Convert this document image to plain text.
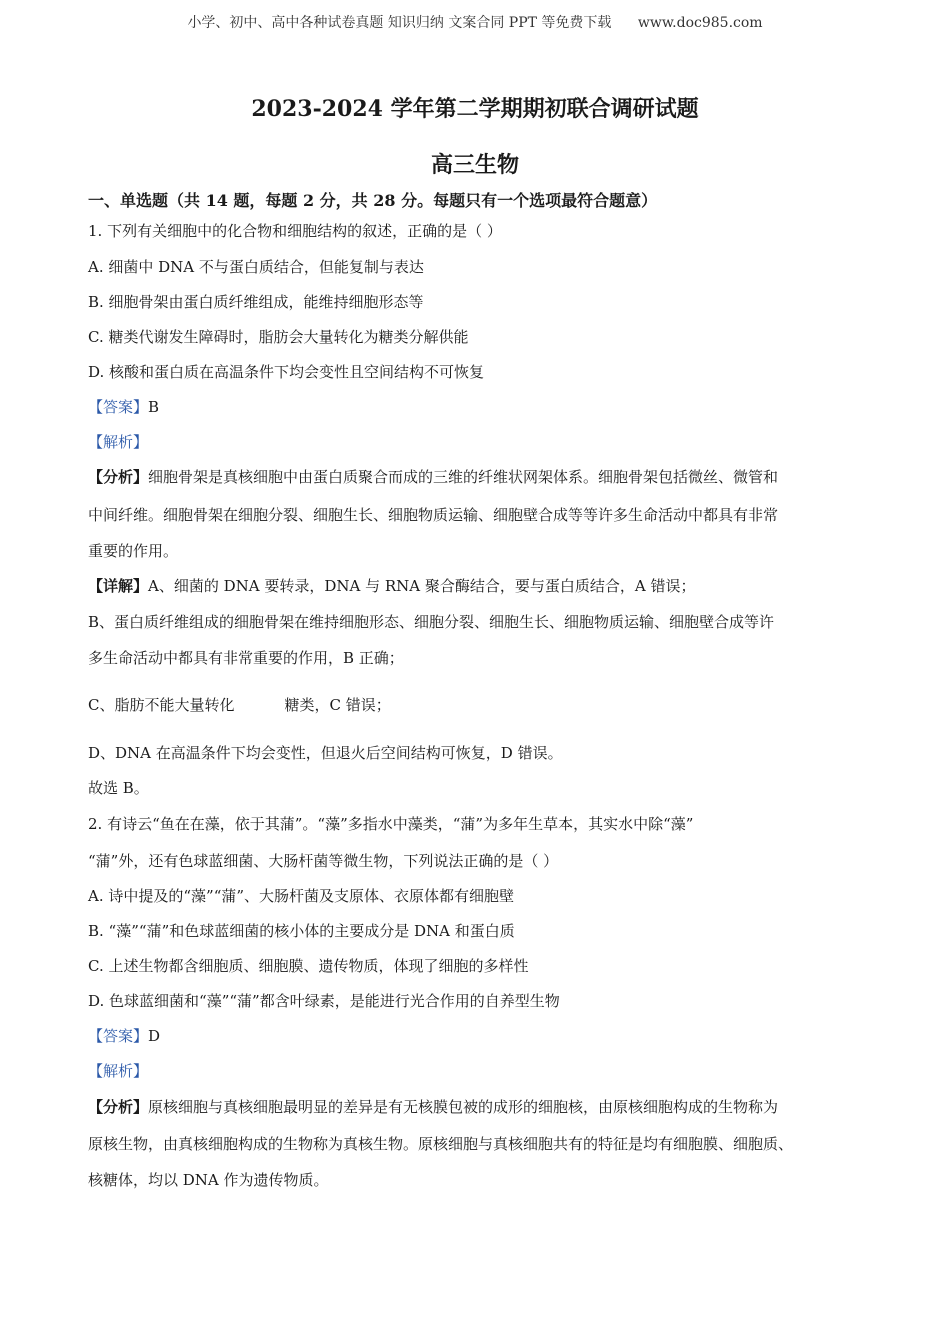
小学、初中、高中各种试卷真题 知识归纳 文案合同 PPT 等免费下载 www.doc985.com
2023-2024 学年第二学期期初联合调研试题
高三生物
一、单选题（共 14 题，每题 2 分，共 28 分。每题只有一个选项最符合题意）
1. 下列有关细胞中的化合物和细胞结构的叙述，正确的是（ ）
A. 细菌中 DNA 不与蛋白质结合，但能复制与表达
B. 细胞骨架由蛋白质纤维组成，能维持细胞形态等
C. 糖类代谢发生障碍时，脂肪会大量转化为糖类分解供能
D. 核酸和蛋白质在高温条件下均会变性且空间结构不可恢复
【答案】B
【解析】
【分析】细胞骨架是真核细胞中由蛋白质聚合而成的三维的纤维状网架体系。细胞骨架包括微丝、微管和
中间纤维。细胞骨架在细胞分裂、细胞生长、细胞物质运输、细胞壁合成等等许多生命活动中都具有非常
重要的作用。
【详解】A、细菌的 DNA 要转录，DNA 与 RNA 聚合酶结合，要与蛋白质结合，A 错误；
B、蛋白质纤维组成的细胞骨架在维持细胞形态、细胞分裂、细胞生长、细胞物质运输、细胞壁合成等许
多生命活动中都具有非常重要的作用，B 正确；
C、脂肪不能大量转化	糖类，C 错误；
D、DNA 在高温条件下均会变性，但退火后空间结构可恢复，D 错误。
故选 B。
2. 有诗云“鱼在在藻，依于其蒲”。“藻”多指水中藻类，“蒲”为多年生草本，其实水中除“藻”
“蒲”外，还有色球蓝细菌、大肠杆菌等微生物，下列说法正确的是（ ）
A. 诗中提及的“藻”“蒲”、大肠杆菌及支原体、衣原体都有细胞壁
B. “藻”“蒲”和色球蓝细菌的核小体的主要成分是 DNA 和蛋白质
C. 上述生物都含细胞质、细胞膜、遗传物质，体现了细胞的多样性
D. 色球蓝细菌和“藻”“蒲”都含叶绿素，是能进行光合作用的自养型生物
【答案】D
【解析】
【分析】原核细胞与真核细胞最明显的差异是有无核膜包被的成形的细胞核，由原核细胞构成的生物称为
原核生物，由真核细胞构成的生物称为真核生物。原核细胞与真核细胞共有的特征是均有细胞膜、细胞质、
核糖体，均以 DNA 作为遗传物质。
